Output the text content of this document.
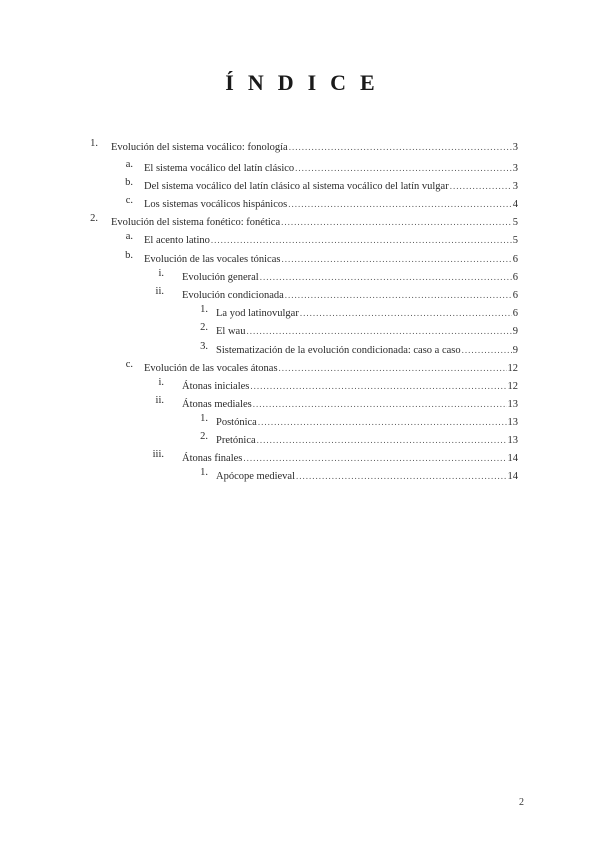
ÍNDICE
1. Evolución del sistema vocálico: fonología .....	3
a. El sistema vocálico del latín clásico .....	3
b. Del sistema vocálico del latín clásico al sistema vocálico del latín vulgar .....	3
c. Los sistemas vocálicos hispánicos .....	4
2. Evolución del sistema fonético: fonética .....	5
a. El acento latino .....	5
b. Evolución de las vocales tónicas .....	6
i. Evolución general .....	6
ii. Evolución condicionada .....	6
1. La yod latinovulgar .....	6
2. El wau .....	9
3. Sistematización de la evolución condicionada: caso a caso .....	9
c. Evolución de las vocales átonas .....	12
i. Átonas iniciales .....	12
ii. Átonas mediales .....	13
1. Postónica .....	13
2. Pretónica .....	13
iii. Átonas finales .....	14
1. Apócope medieval .....	14
2
